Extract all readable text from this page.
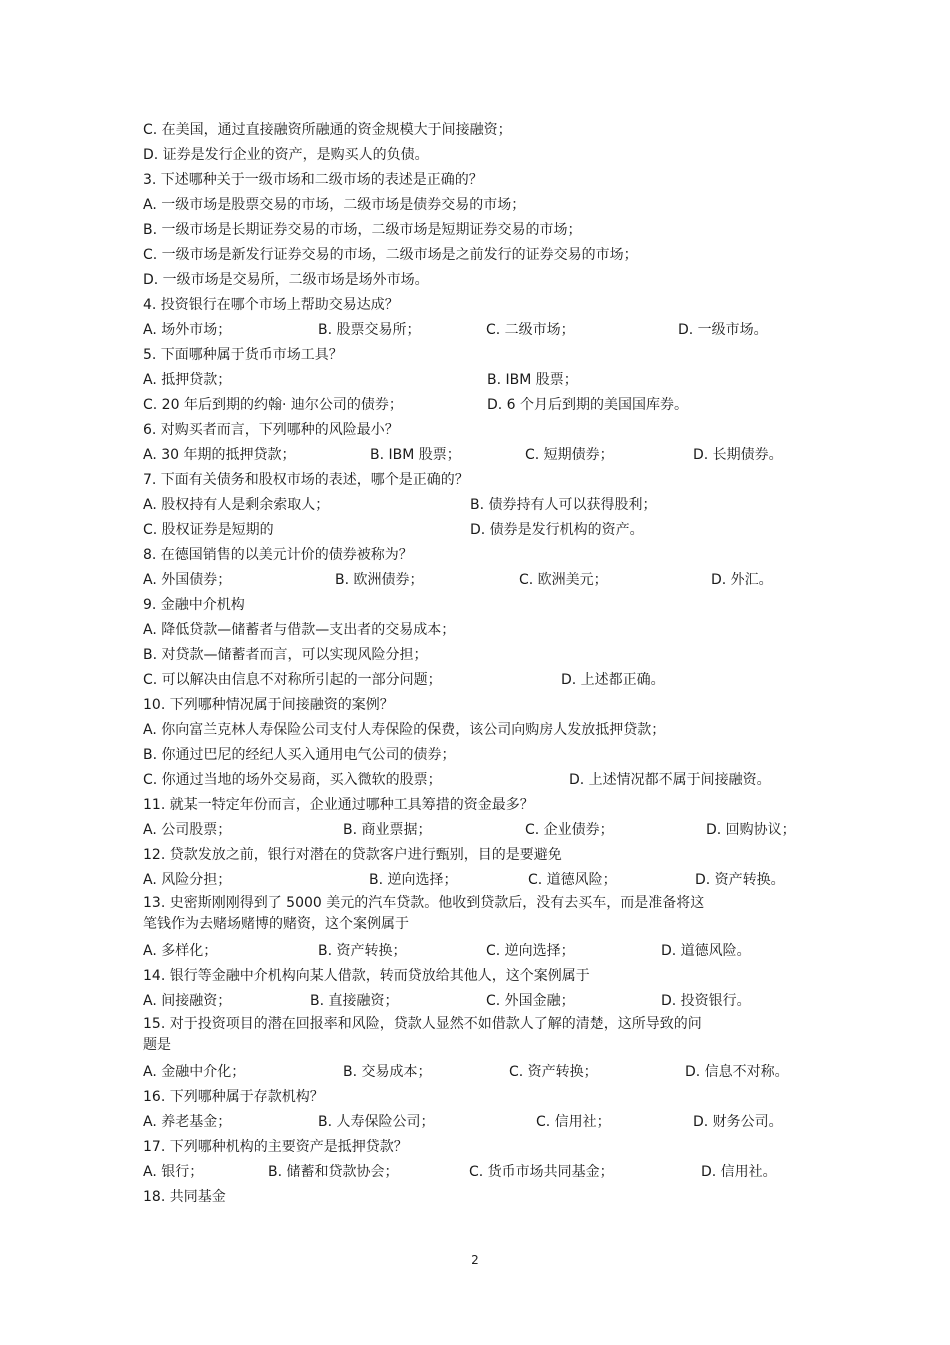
C. 在美国，通过直接融资所融通的资金规模大于间接融资；
D. 证券是发行企业的资产，是购买人的负债。
3. 下述哪种关于一级市场和二级市场的表述是正确的？
A. 一级市场是股票交易的市场，二级市场是债券交易的市场；
B. 一级市场是长期证券交易的市场，二级市场是短期证券交易的市场；
C. 一级市场是新发行证券交易的市场，二级市场是之前发行的证券交易的市场；
D. 一级市场是交易所，二级市场是场外市场。
4. 投资银行在哪个市场上帮助交易达成？
A. 场外市场；	B. 股票交易所；	C. 二级市场；	D. 一级市场。
5. 下面哪种属于货币市场工具？
A. 抵押贷款；	B. IBM 股票；
C. 20 年后到期的约翰· 迪尔公司的债券；	D. 6 个月后到期的美国国库券。
6. 对购买者而言，下列哪种的风险最小？
A. 30 年期的抵押贷款；	B. IBM 股票；	C. 短期债券；	D. 长期债券。
7. 下面有关债务和股权市场的表述，哪个是正确的？
A. 股权持有人是剩余索取人；	B. 债券持有人可以获得股利；
C. 股权证券是短期的	D. 债券是发行机构的资产。
8. 在德国销售的以美元计价的债券被称为？
A. 外国债券；	B. 欧洲债券；	C. 欧洲美元；	D. 外汇。
9. 金融中介机构
A. 降低贷款—储蓄者与借款—支出者的交易成本；
B. 对贷款—储蓄者而言，可以实现风险分担；
C. 可以解决由信息不对称所引起的一部分问题；	D. 上述都正确。
10. 下列哪种情况属于间接融资的案例？
A. 你向富兰克林人寿保险公司支付人寿保险的保费，该公司向购房人发放抵押贷款；
B. 你通过巴尼的经纪人买入通用电气公司的债券；
C. 你通过当地的场外交易商，买入微软的股票；	D. 上述情况都不属于间接融资。
11. 就某一特定年份而言，企业通过哪种工具筹措的资金最多？
A. 公司股票；	B. 商业票据；	C. 企业债券；	D. 回购协议；
12. 贷款发放之前，银行对潜在的贷款客户进行甄别，目的是要避免
A. 风险分担；	B. 逆向选择；	C. 道德风险；	D. 资产转换。
13. 史密斯刚刚得到了 5000 美元的汽车贷款。他收到贷款后，没有去买车，而是准备将这
笔钱作为去赌场赌博的赌资，这个案例属于
A. 多样化；	B. 资产转换；	C. 逆向选择；	D. 道德风险。
14. 银行等金融中介机构向某人借款，转而贷放给其他人，这个案例属于
A. 间接融资；	B. 直接融资；	C. 外国金融；	D. 投资银行。
15. 对于投资项目的潜在回报率和风险，贷款人显然不如借款人了解的清楚，这所导致的问
题是
A. 金融中介化；	B. 交易成本；	C. 资产转换；	D. 信息不对称。
16. 下列哪种属于存款机构？
A. 养老基金；	B. 人寿保险公司；	C. 信用社；	D. 财务公司。
17. 下列哪种机构的主要资产是抵押贷款？
A. 银行；	B. 储蓄和贷款协会；	C. 货币市场共同基金；	D. 信用社。
18. 共同基金
2
